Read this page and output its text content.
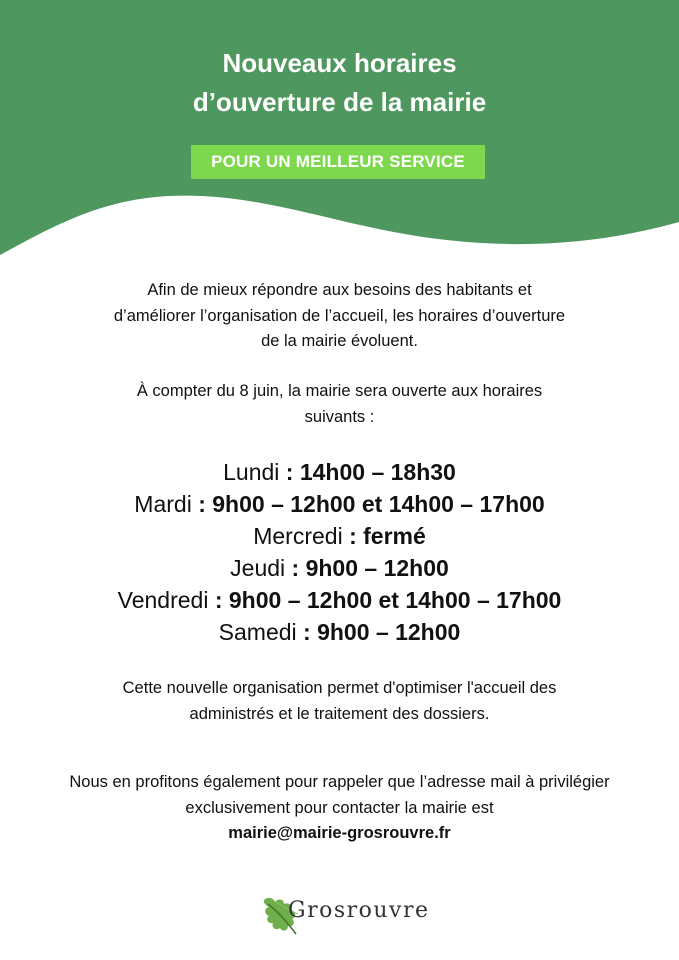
Nouveaux horaires
d’ouverture de la mairie
POUR UN MEILLEUR SERVICE

Afin de mieux répondre aux besoins des habitants et
d’améliorer l’organisation de l’accueil, les horaires d’ouverture
de la mairie évoluent.

À compter du 8 juin, la mairie sera ouverte aux horaires
suivants :

Lundi : 14h00 – 18h30
Mardi : 9h00 – 12h00 et 14h00 – 17h00
Mercredi : fermé
Jeudi : 9h00 – 12h00
Vendredi : 9h00 – 12h00 et 14h00 – 17h00
Samedi : 9h00 – 12h00

Cette nouvelle organisation permet d'optimiser l'accueil des
administrés et le traitement des dossiers.

Nous en profitons également pour rappeler que l’adresse mail à privilégier
exclusivement pour contacter la mairie est
mairie@mairie-grosrouvre.fr

Grosrouvre
